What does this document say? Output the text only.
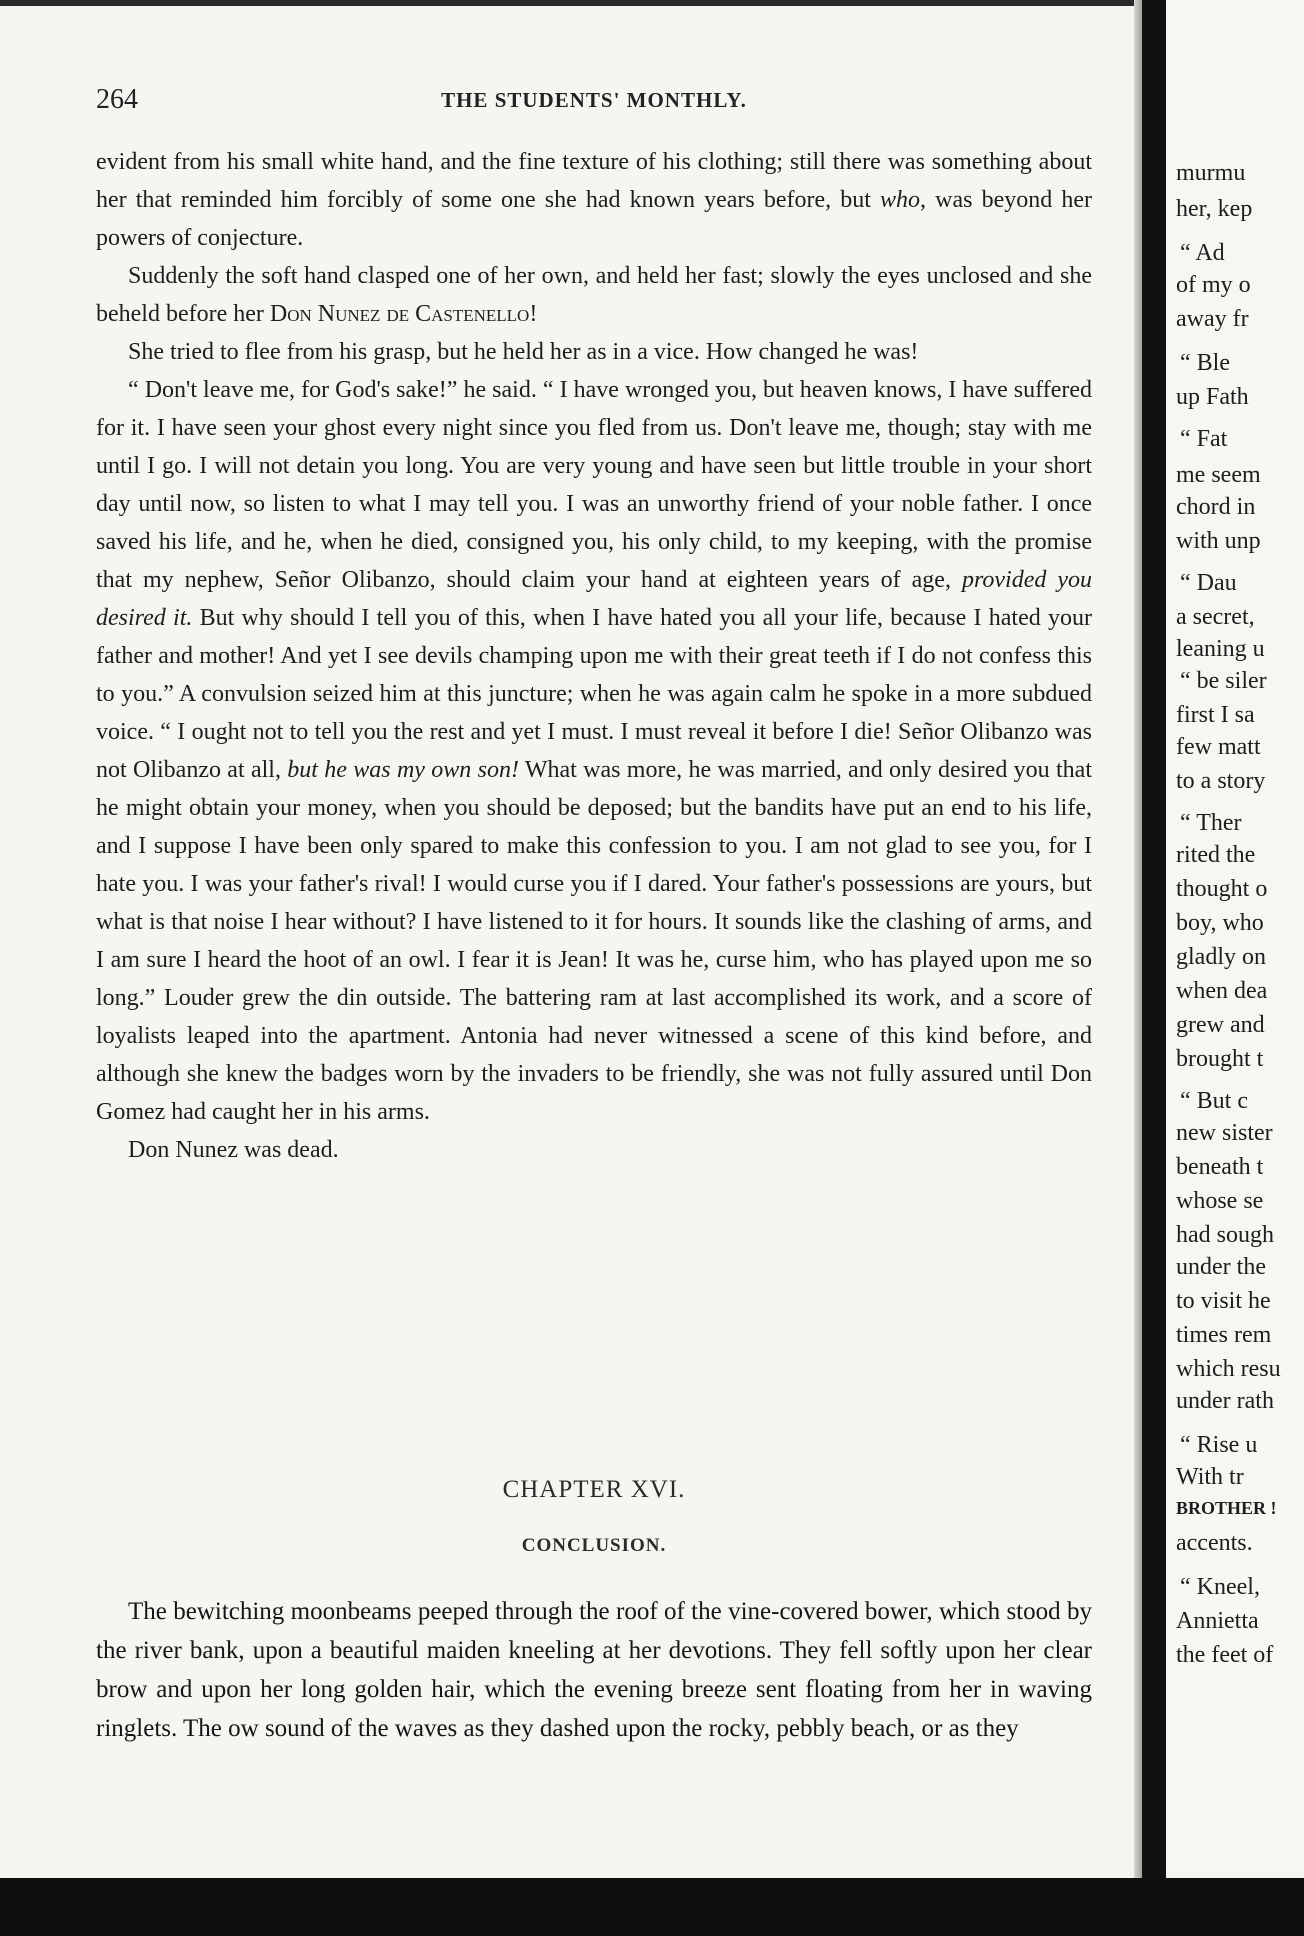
264	THE STUDENTS' MONTHLY.

evident from his small white hand, and the fine texture of his clothing; still there was something about her that reminded him forcibly of some one she had known years before, but who, was beyond her powers of conjecture.

Suddenly the soft hand clasped one of her own, and held her fast; slowly the eyes unclosed and she beheld before her Don Nunez de Castenello!

She tried to flee from his grasp, but he held her as in a vice. How changed he was!

“ Don't leave me, for God's sake!” he said. “ I have wronged you, but heaven knows, I have suffered for it. I have seen your ghost every night since you fled from us. Don't leave me, though; stay with me until I go. I will not detain you long. You are very young and have seen but little trouble in your short day until now, so listen to what I may tell you. I was an unworthy friend of your noble father. I once saved his life, and he, when he died, consigned you, his only child, to my keeping, with the promise that my nephew, Señor Olibanzo, should claim your hand at eighteen years of age, provided you desired it. But why should I tell you of this, when I have hated you all your life, because I hated your father and mother! And yet I see devils champing upon me with their great teeth if I do not confess this to you.” A convulsion seized him at this juncture; when he was again calm he spoke in a more subdued voice. “ I ought not to tell you the rest and yet I must. I must reveal it before I die! Señor Olibanzo was not Olibanzo at all, but he was my own son! What was more, he was married, and only desired you that he might obtain your money, when you should be deposed; but the bandits have put an end to his life, and I suppose I have been only spared to make this confession to you. I am not glad to see you, for I hate you. I was your father's rival! I would curse you if I dared. Your father's possessions are yours, but what is that noise I hear without? I have listened to it for hours. It sounds like the clashing of arms, and I am sure I heard the hoot of an owl. I fear it is Jean! It was he, curse him, who has played upon me so long.” Louder grew the din outside. The battering ram at last accomplished its work, and a score of loyalists leaped into the apartment. Antonia had never witnessed a scene of this kind before, and although she knew the badges worn by the invaders to be friendly, she was not fully assured until Don Gomez had caught her in his arms.

Don Nunez was dead.

CHAPTER XVI.
CONCLUSION.

The bewitching moonbeams peeped through the roof of the vine-covered bower, which stood by the river bank, upon a beautiful maiden kneeling at her devotions. They fell softly upon her clear brow and upon her long golden hair, which the evening breeze sent floating from her in waving ringlets. The ow sound of the waves as they dashed upon the rocky, pebbly beach, or as they

murmu
her, kep
“ Ad
of my o
away fr
“ Ble
up Fath
“ Fat
me seem
chord in
with unp
“ Dau
a secret,
leaning u
“ be siler
first I sa
few matt
to a story
“ Ther
rited the
thought o
boy, who
gladly on
when dea
grew and
brought t
“ But c
new sister
beneath t
whose se
had sough
under the
to visit he
times rem
which resu
under rath
“ Rise u
With tr
BROTHER !
accents.
“ Kneel,
Annietta
the feet of
